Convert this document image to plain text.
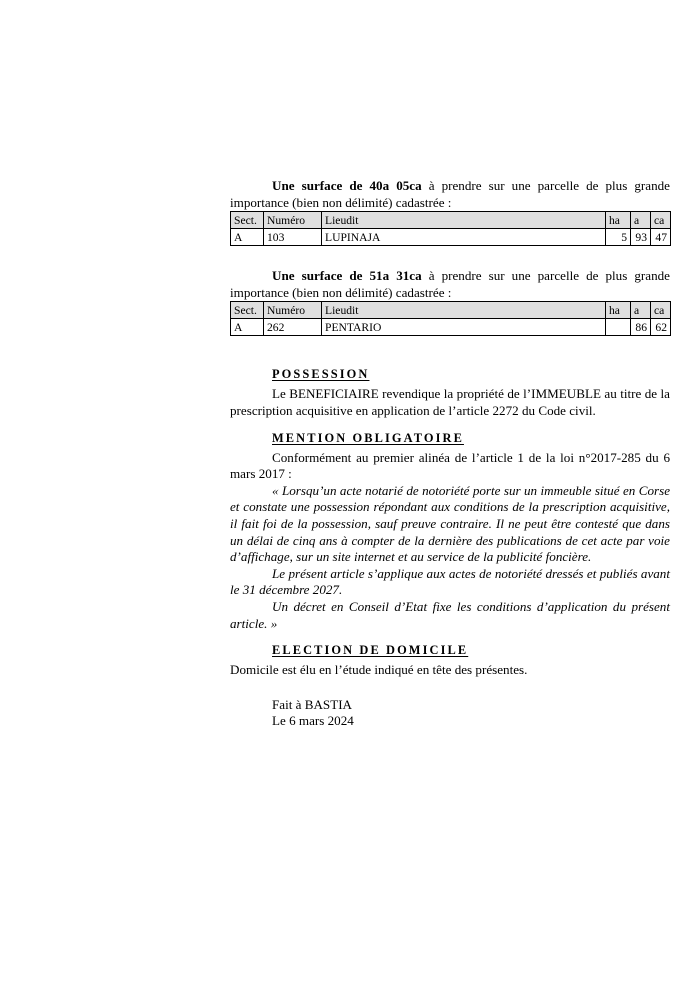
Une surface de 40a 05ca à prendre sur une parcelle de plus grande importance (bien non délimité) cadastrée :

Sect.	Numéro	Lieudit	ha	a	ca
A	103	LUPINAJA	5	93	47

Une surface de 51a 31ca à prendre sur une parcelle de plus grande importance (bien non délimité) cadastrée :

Sect.	Numéro	Lieudit	ha	a	ca
A	262	PENTARIO		86	62
POSSESSION

Le BENEFICIAIRE revendique la propriété de l’IMMEUBLE au titre de la prescription acquisitive en application de l’article 2272 du Code civil.

MENTION OBLIGATOIRE

Conformément au premier alinéa de l’article 1 de la loi n°2017-285 du 6 mars 2017 :

« Lorsqu’un acte notarié de notoriété porte sur un immeuble situé en Corse et constate une possession répondant aux conditions de la prescription acquisitive, il fait foi de la possession, sauf preuve contraire. Il ne peut être contesté que dans un délai de cinq ans à compter de la dernière des publications de cet acte par voie d’affichage, sur un site internet et au service de la publicité foncière.

Le présent article s’applique aux actes de notoriété dressés et publiés avant le 31 décembre 2027.

Un décret en Conseil d’Etat fixe les conditions d’application du présent article. »

ELECTION DE DOMICILE

Domicile est élu en l’étude indiqué en tête des présentes.

Fait à BASTIA

Le 6 mars 2024
